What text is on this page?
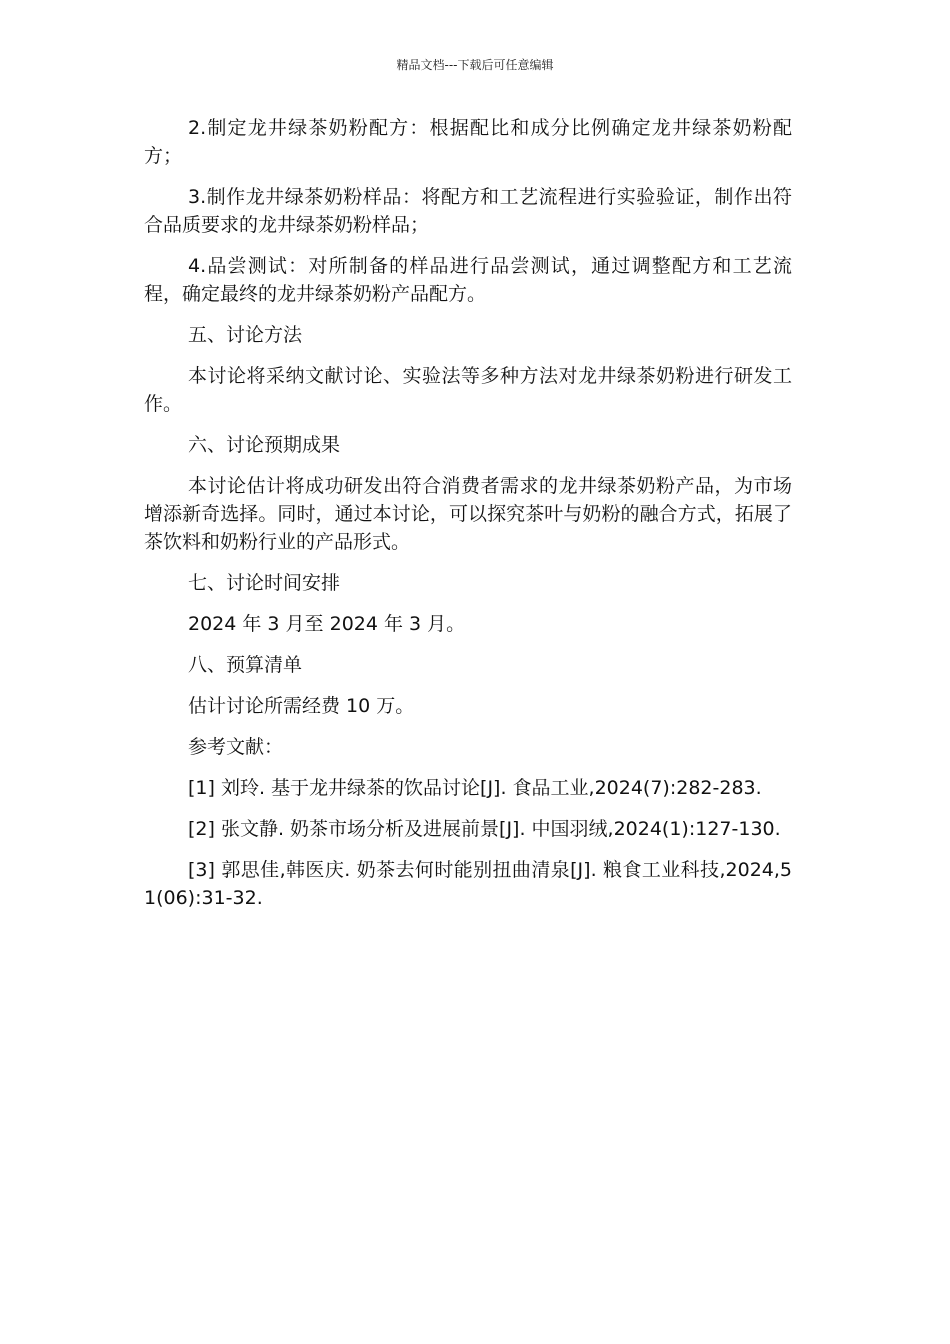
精品文档---下载后可任意编辑

2.制定龙井绿茶奶粉配方：根据配比和成分比例确定龙井绿茶奶粉配方；

3.制作龙井绿茶奶粉样品：将配方和工艺流程进行实验验证，制作出符合品质要求的龙井绿茶奶粉样品；

4.品尝测试：对所制备的样品进行品尝测试，通过调整配方和工艺流程，确定最终的龙井绿茶奶粉产品配方。

五、讨论方法

本讨论将采纳文献讨论、实验法等多种方法对龙井绿茶奶粉进行研发工作。

六、讨论预期成果

本讨论估计将成功研发出符合消费者需求的龙井绿茶奶粉产品，为市场增添新奇选择。同时，通过本讨论，可以探究茶叶与奶粉的融合方式，拓展了茶饮料和奶粉行业的产品形式。

七、讨论时间安排

2024 年 3 月至 2024 年 3 月。

八、预算清单

估计讨论所需经费 10 万。

参考文献：

[1] 刘玲. 基于龙井绿茶的饮品讨论[J]. 食品工业,2024(7):282-283.

[2] 张文静. 奶茶市场分析及进展前景[J]. 中国羽绒,2024(1):127-130.

[3] 郭思佳,韩医庆. 奶茶去何时能别扭曲清泉[J]. 粮食工业科技,2024,51(06):31-32.
